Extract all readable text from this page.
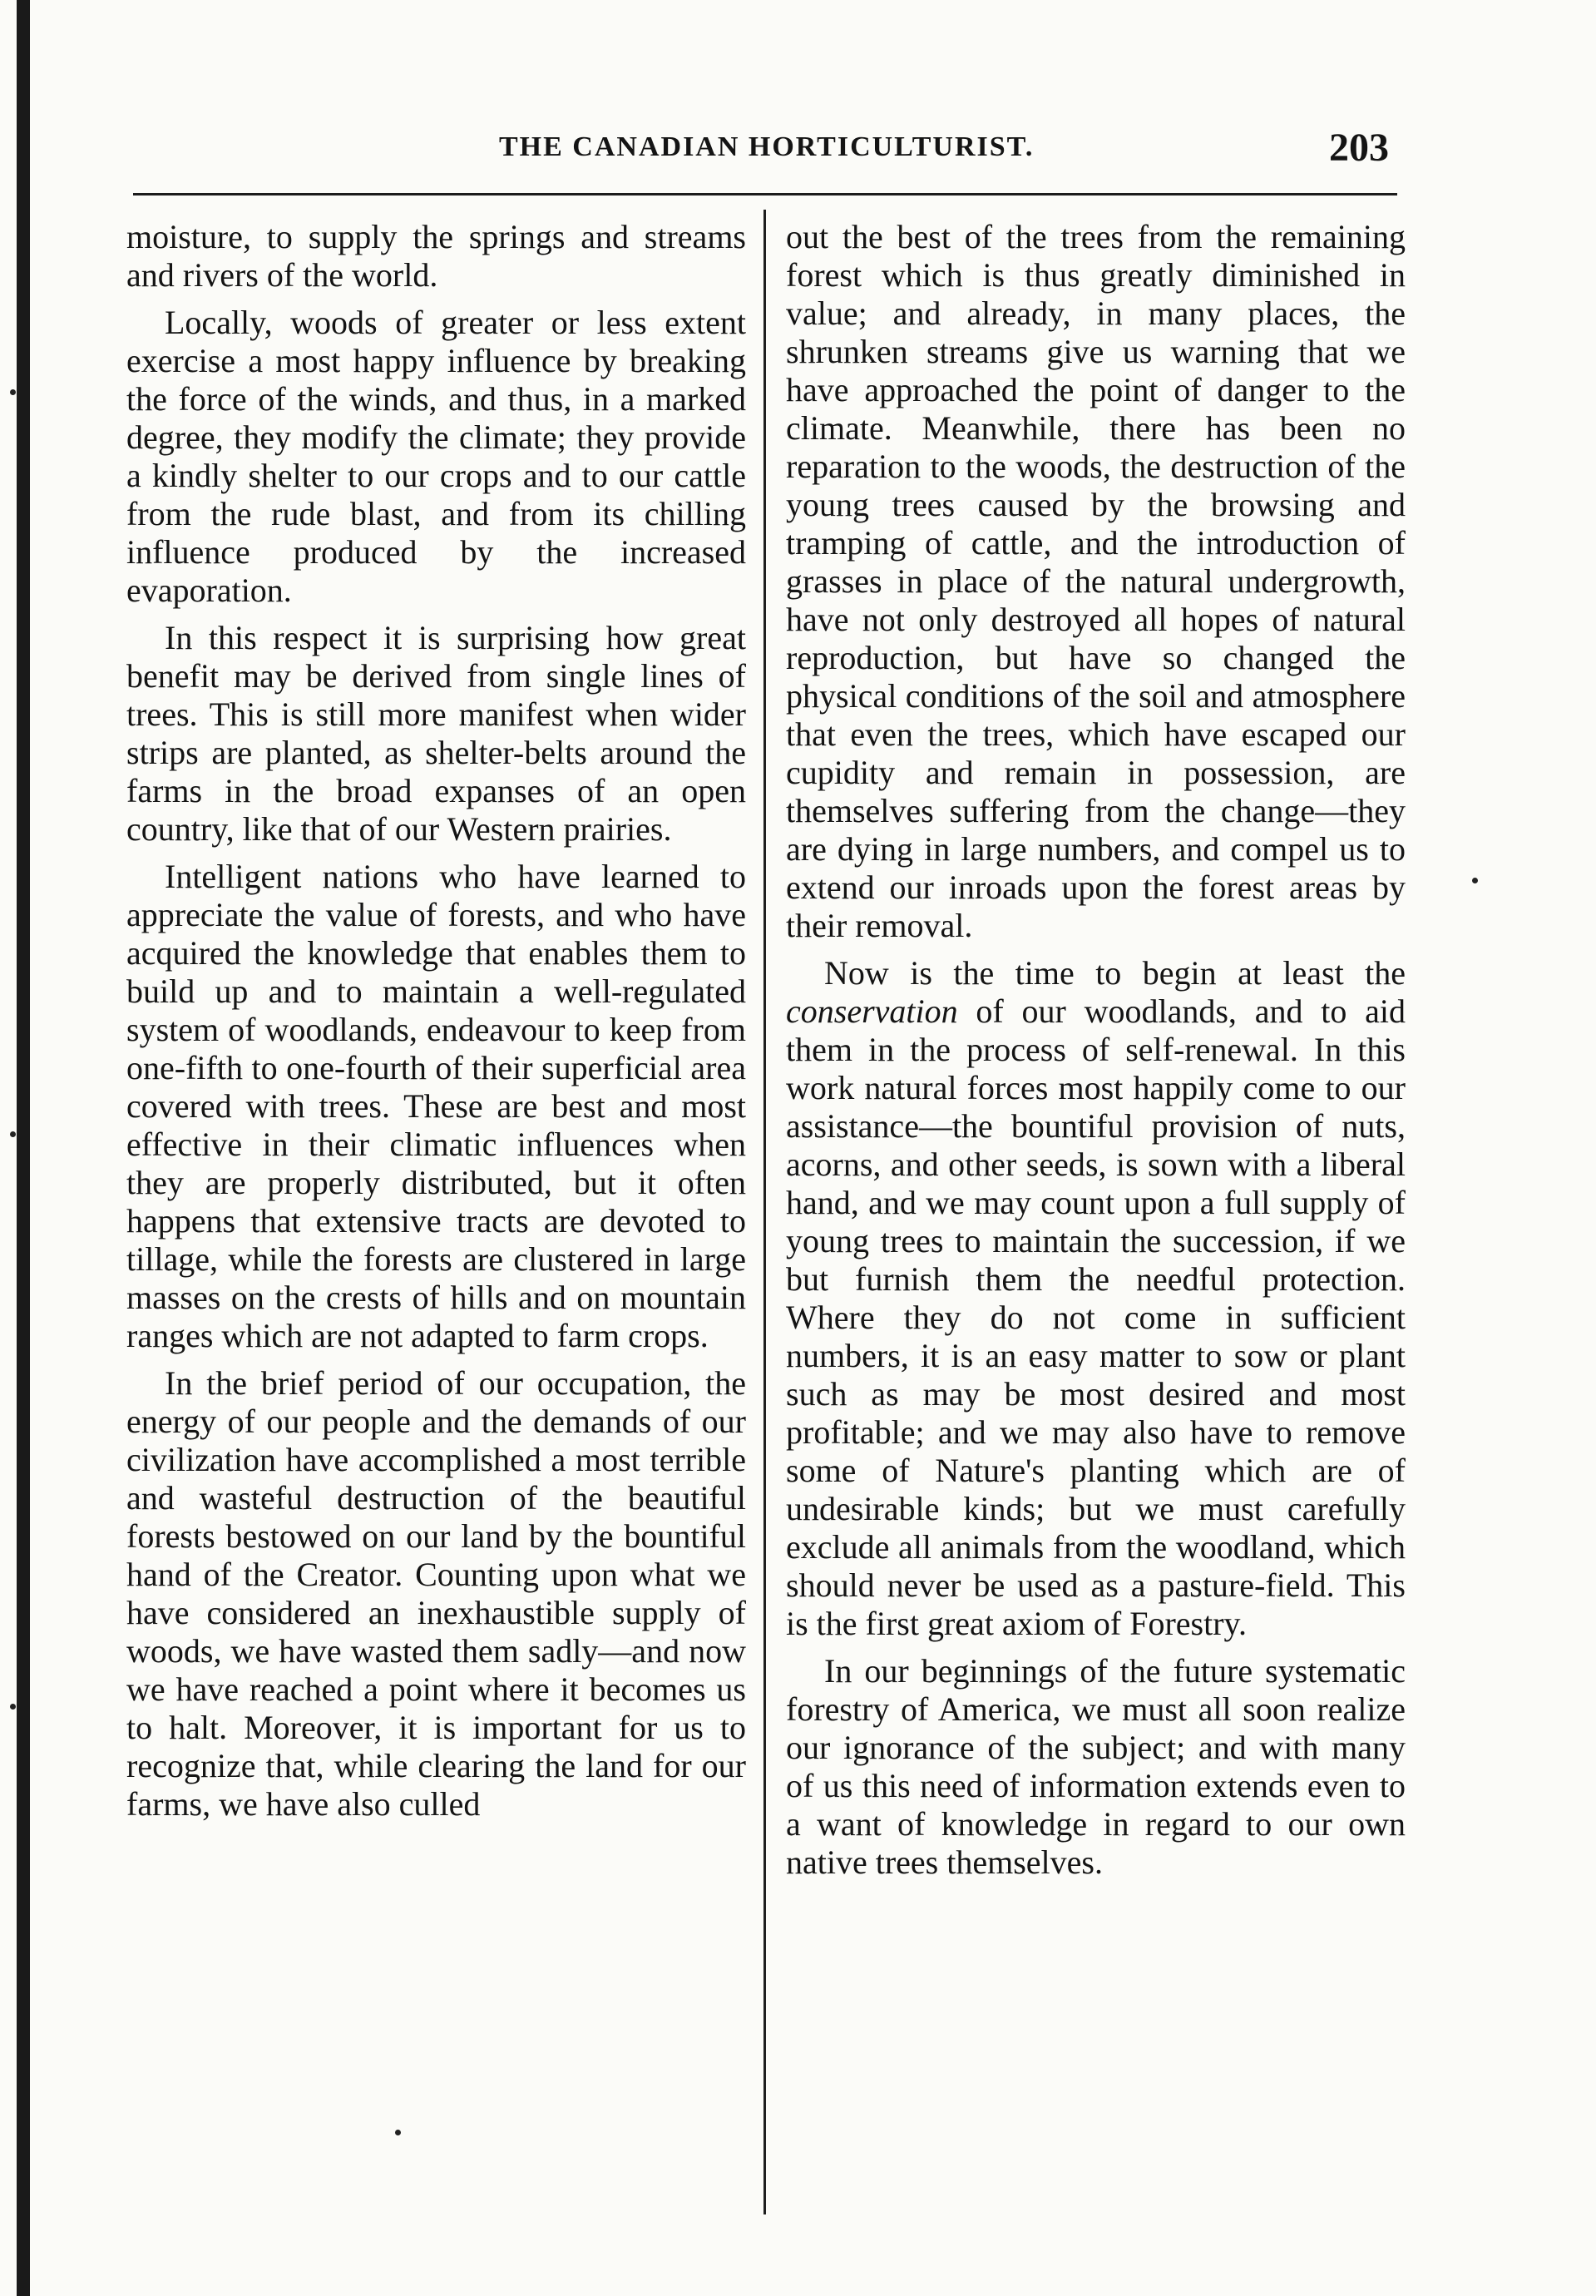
THE CANADIAN HORTICULTURIST.	203

moisture, to supply the springs and streams and rivers of the world.

Locally, woods of greater or less extent exercise a most happy influence by breaking the force of the winds, and thus, in a marked degree, they modify the climate; they provide a kindly shelter to our crops and to our cattle from the rude blast, and from its chilling influence produced by the increased evaporation.

In this respect it is surprising how great benefit may be derived from single lines of trees. This is still more manifest when wider strips are planted, as shelter-belts around the farms in the broad expanses of an open country, like that of our Western prairies.

Intelligent nations who have learned to appreciate the value of forests, and who have acquired the knowledge that enables them to build up and to maintain a well-regulated system of woodlands, endeavour to keep from one-fifth to one-fourth of their superficial area covered with trees. These are best and most effective in their climatic influences when they are properly distributed, but it often happens that extensive tracts are devoted to tillage, while the forests are clustered in large masses on the crests of hills and on mountain ranges which are not adapted to farm crops.

In the brief period of our occupation, the energy of our people and the demands of our civilization have accomplished a most terrible and wasteful destruction of the beautiful forests bestowed on our land by the bountiful hand of the Creator. Counting upon what we have considered an inexhaustible supply of woods, we have wasted them sadly—and now we have reached a point where it becomes us to halt. Moreover, it is important for us to recognize that, while clearing the land for our farms, we have also culled

out the best of the trees from the remaining forest which is thus greatly diminished in value; and already, in many places, the shrunken streams give us warning that we have approached the point of danger to the climate. Meanwhile, there has been no reparation to the woods, the destruction of the young trees caused by the browsing and tramping of cattle, and the introduction of grasses in place of the natural undergrowth, have not only destroyed all hopes of natural reproduction, but have so changed the physical conditions of the soil and atmosphere that even the trees, which have escaped our cupidity and remain in possession, are themselves suffering from the change—they are dying in large numbers, and compel us to extend our inroads upon the forest areas by their removal.

Now is the time to begin at least the conservation of our woodlands, and to aid them in the process of self-renewal. In this work natural forces most happily come to our assistance—the bountiful provision of nuts, acorns, and other seeds, is sown with a liberal hand, and we may count upon a full supply of young trees to maintain the succession, if we but furnish them the needful protection. Where they do not come in sufficient numbers, it is an easy matter to sow or plant such as may be most desired and most profitable; and we may also have to remove some of Nature's planting which are of undesirable kinds; but we must carefully exclude all animals from the woodland, which should never be used as a pasture-field. This is the first great axiom of Forestry.

In our beginnings of the future systematic forestry of America, we must all soon realize our ignorance of the subject; and with many of us this need of information extends even to a want of knowledge in regard to our own native trees themselves.
